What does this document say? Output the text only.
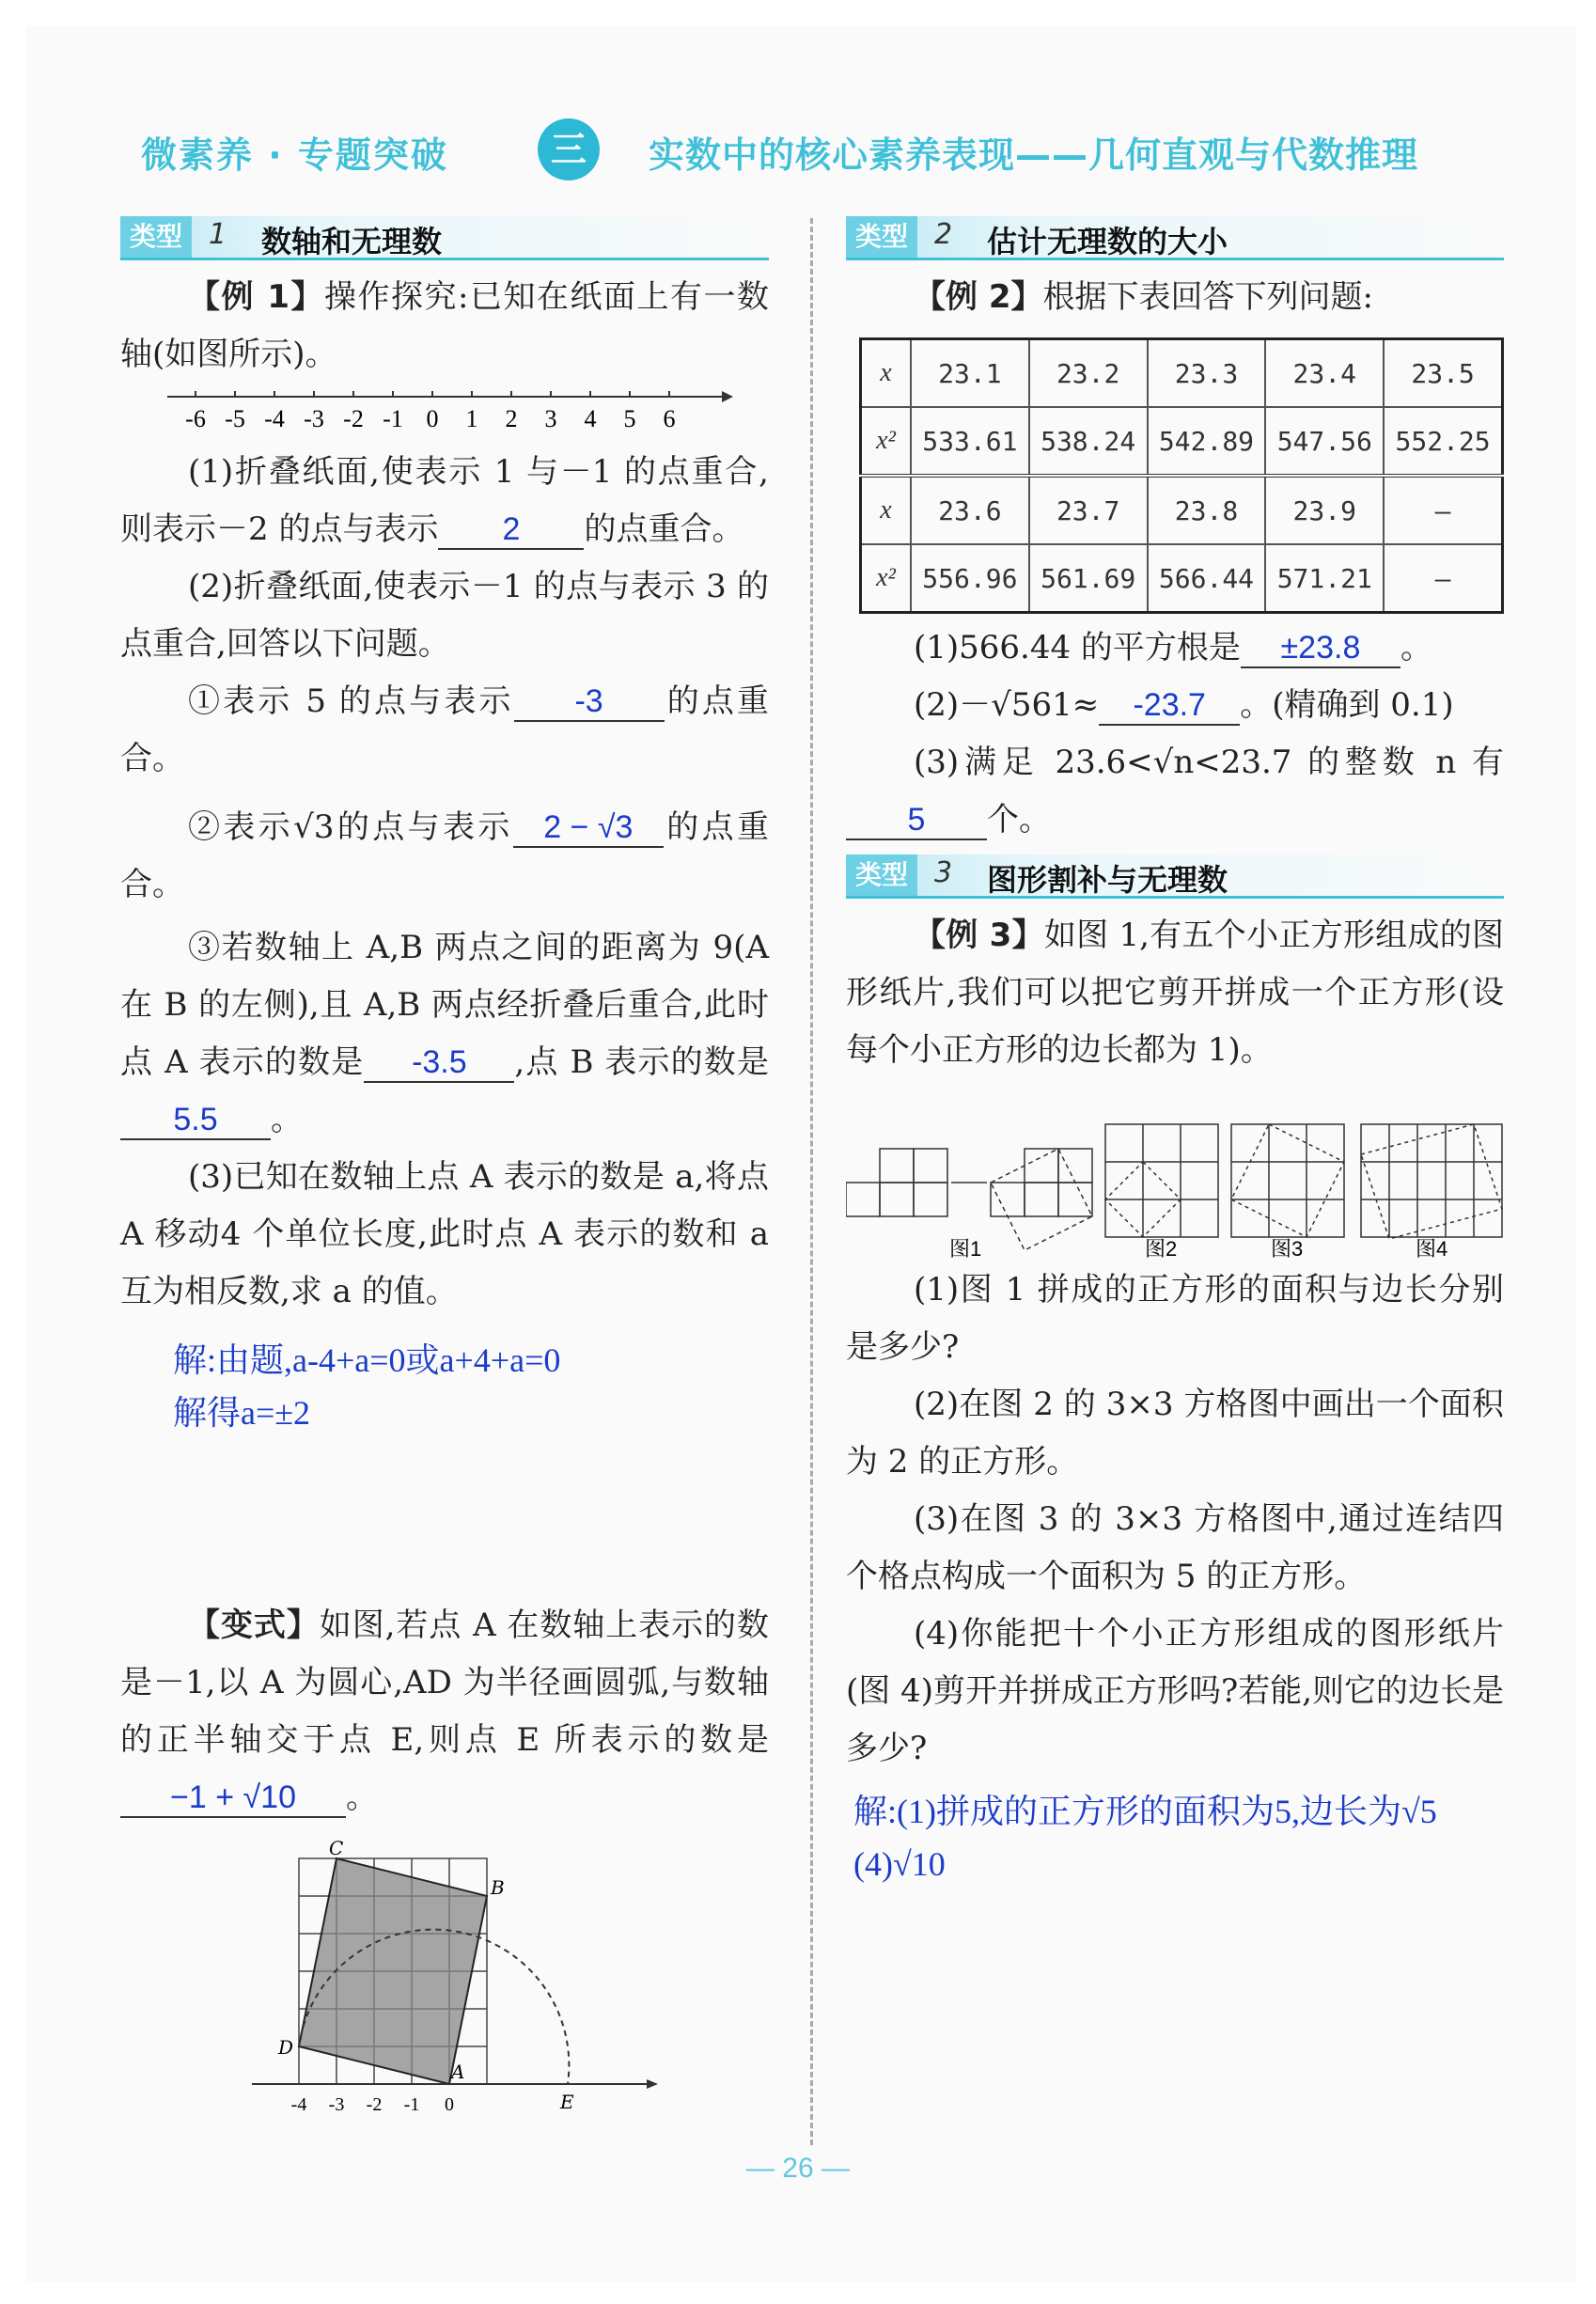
微素养 · 专题突破	三	实数中的核心素养表现——几何直观与代数推理
类型 1 数轴和无理数

【例 1】操作探究:已知在纸面上有一数轴(如图所示)。

-6 -5 -4 -3 -2 -1 0 1 2 3 4 5 6

(1)折叠纸面,使表示 1 与－1 的点重合,则表示－2 的点与表示 2 的点重合。

(2)折叠纸面,使表示－1 的点与表示 3 的点重合,回答以下问题。

①表示 5 的点与表示 -3 的点重合。

②表示√3的点与表示 2 − √3 的点重合。

③若数轴上 A,B 两点之间的距离为 9(A 在 B 的左侧),且 A,B 两点经折叠后重合,此时点 A 表示的数是 -3.5 ,点 B 表示的数是5.5 。

(3)已知在数轴上点 A 表示的数是 a,将点 A 移动4 个单位长度,此时点 A 表示的数和 a 互为相反数,求 a 的值。

解:由题,a-4+a=0或a+4+a=0
解得a=±2

【变式】如图,若点 A 在数轴上表示的数是－1,以 A 为圆心,AD 为半径画圆弧,与数轴的正半轴交于点 E,则点 E 所表示的数是−1 + √10 。

C
B
D
A
E
-4 -3 -2 -1 0
类型 2 估计无理数的大小

【例 2】根据下表回答下列问题:

x	23.1	23.2	23.3	23.4	23.5
x²	533.61	538.24	542.89	547.56	552.25
x	23.6	23.7	23.8	23.9	—
x²	556.96	561.69	566.44	571.21	—

(1)566.44 的平方根是 ±23.8 。

(2)－√561≈ -23.7 。(精确到 0.1)

(3)满足 23.6<√n<23.7 的整数 n 有5 个。

类型 3 图形割补与无理数

【例 3】如图 1,有五个小正方形组成的图形纸片,我们可以把它剪开拼成一个正方形(设每个小正方形的边长都为 1)。

图1	图2	图3	图4

(1)图 1 拼成的正方形的面积与边长分别是多少?

(2)在图 2 的 3×3 方格图中画出一个面积为 2 的正方形。

(3)在图 3 的 3×3 方格图中,通过连结四个格点构成一个面积为 5 的正方形。

(4)你能把十个小正方形组成的图形纸片(图 4)剪开并拼成正方形吗?若能,则它的边长是多少?

解:(1)拼成的正方形的面积为5,边长为√5
(4)√10
— 26 —
